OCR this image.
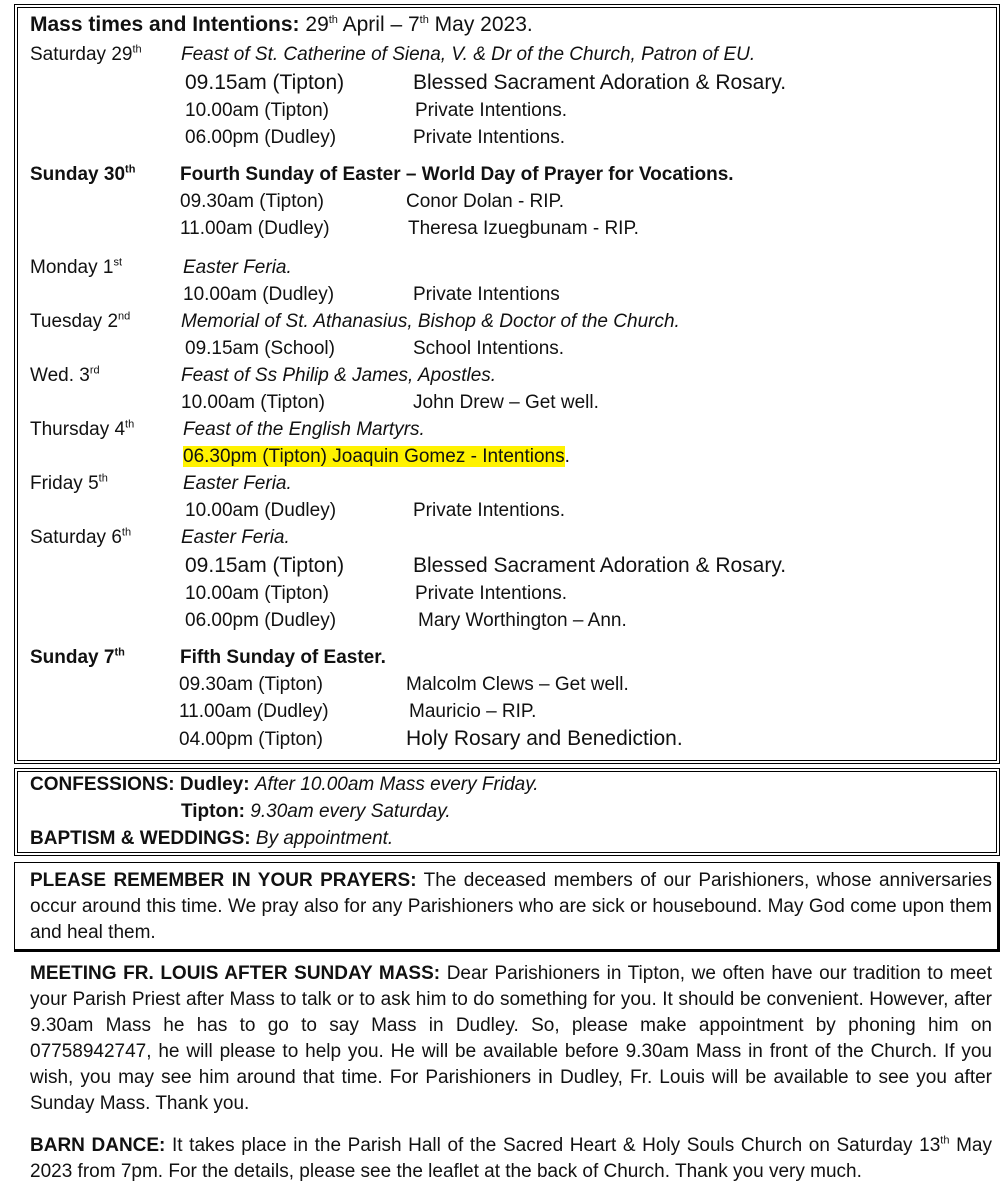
Mass times and Intentions: 29th April – 7th May 2023.
Saturday 29th Feast of St. Catherine of Siena, V. & Dr of the Church, Patron of EU.
09.15am (Tipton)	Blessed Sacrament Adoration & Rosary.
10.00am (Tipton)	Private Intentions.
06.00pm (Dudley)	Private Intentions.
Sunday 30th Fourth Sunday of Easter – World Day of Prayer for Vocations.
09.30am (Tipton)	Conor Dolan - RIP.
11.00am (Dudley)	Theresa Izuegbunam - RIP.
Monday 1st	Easter Feria.
10.00am (Dudley)	Private Intentions
Tuesday 2nd	Memorial of St. Athanasius, Bishop & Doctor of the Church.
09.15am (School)	School Intentions.
Wed. 3rd	Feast of Ss Philip & James, Apostles.
10.00am (Tipton)	John Drew – Get well.
Thursday 4th	Feast of the English Martyrs.
06.30pm (Tipton) Joaquin Gomez - Intentions.
Friday 5th	Easter Feria.
10.00am (Dudley)	Private Intentions.
Saturday 6th	Easter Feria.
09.15am (Tipton)	Blessed Sacrament Adoration & Rosary.
10.00am (Tipton)	Private Intentions.
06.00pm (Dudley)	Mary Worthington – Ann.
Sunday 7th	Fifth Sunday of Easter.
09.30am (Tipton)	Malcolm Clews – Get well.
11.00am (Dudley)	Mauricio – RIP.
04.00pm (Tipton)	Holy Rosary and Benediction.
CONFESSIONS: Dudley: After 10.00am Mass every Friday.
Tipton: 9.30am every Saturday.
BAPTISM & WEDDINGS: By appointment.
PLEASE REMEMBER IN YOUR PRAYERS: The deceased members of our Parishioners, whose anniversaries occur around this time. We pray also for any Parishioners who are sick or housebound. May God come upon them and heal them.
MEETING FR. LOUIS AFTER SUNDAY MASS: Dear Parishioners in Tipton, we often have our tradition to meet your Parish Priest after Mass to talk or to ask him to do something for you. It should be convenient. However, after 9.30am Mass he has to go to say Mass in Dudley. So, please make appointment by phoning him on 07758942747, he will please to help you. He will be available before 9.30am Mass in front of the Church. If you wish, you may see him around that time. For Parishioners in Dudley, Fr. Louis will be available to see you after Sunday Mass. Thank you.
BARN DANCE: It takes place in the Parish Hall of the Sacred Heart & Holy Souls Church on Saturday 13th May 2023 from 7pm. For the details, please see the leaflet at the back of Church. Thank you very much.
